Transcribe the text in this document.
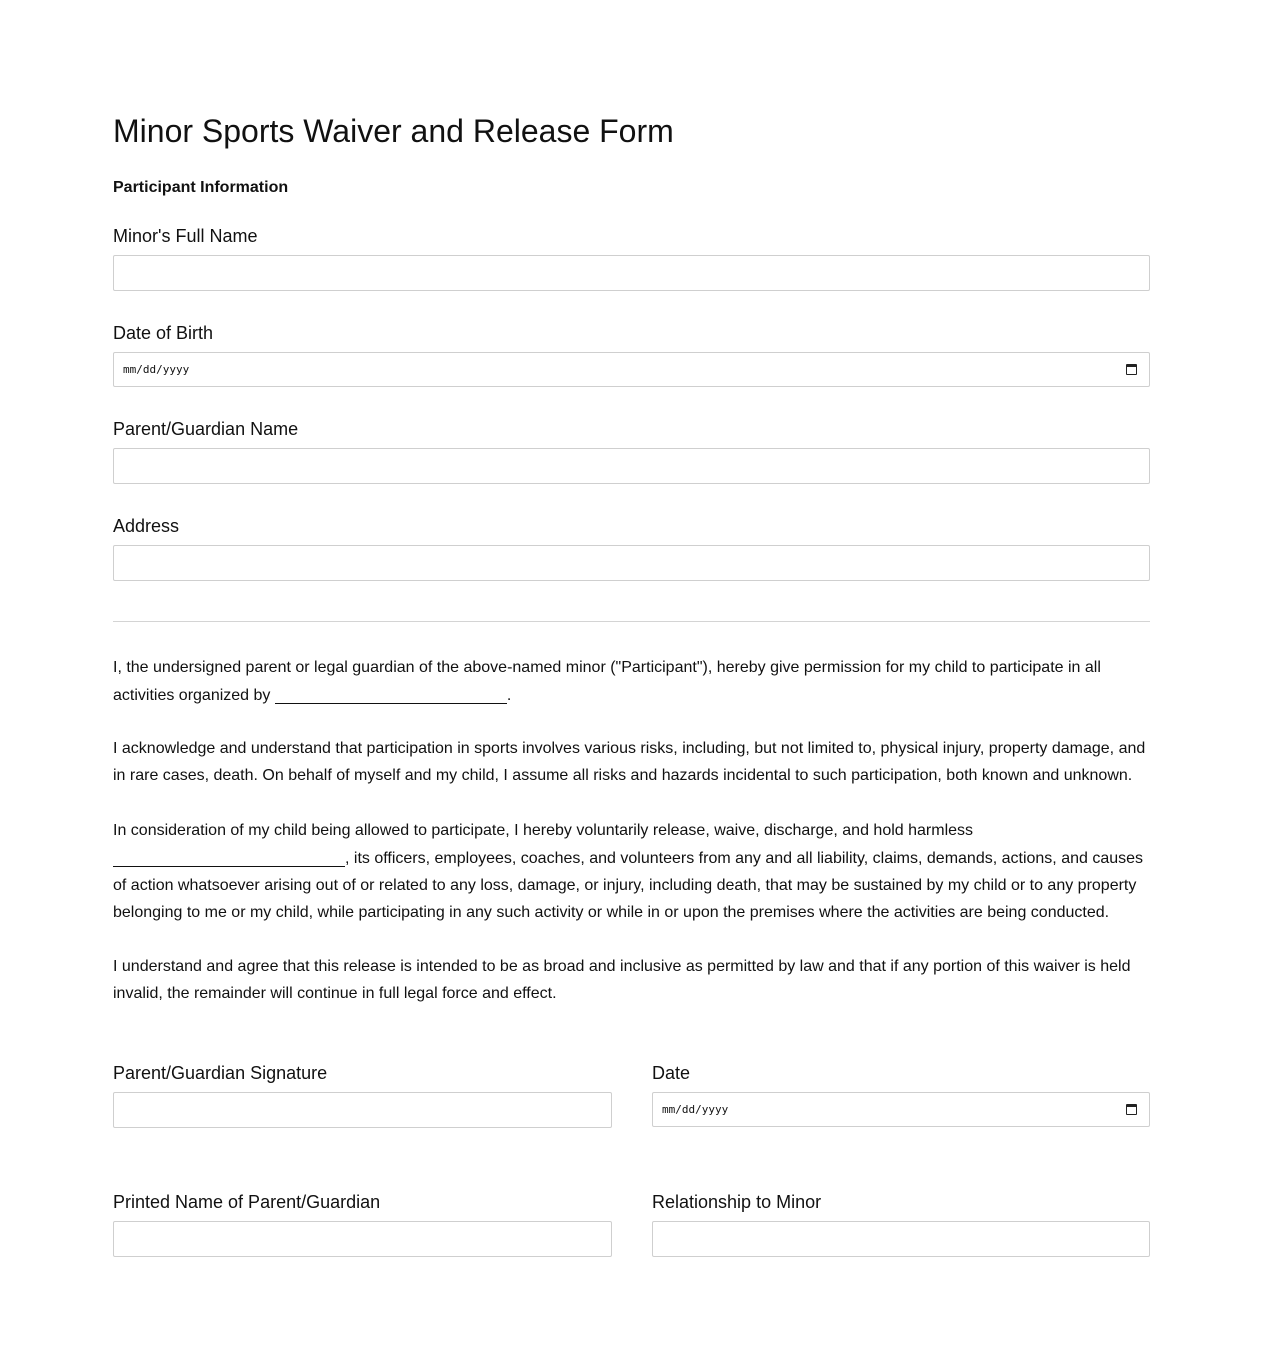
Minor Sports Waiver and Release Form
Participant Information
Minor's Full Name
Date of Birth
mm/dd/yyyy
Parent/Guardian Name
Address

I, the undersigned parent or legal guardian of the above-named minor ("Participant"), hereby give permission for my child to participate in all activities organized by	.

I acknowledge and understand that participation in sports involves various risks, including, but not limited to, physical injury, property damage, and in rare cases, death. On behalf of myself and my child, I assume all risks and hazards incidental to such participation, both known and unknown.

In consideration of my child being allowed to participate, I hereby voluntarily release, waive, discharge, and hold harmless , its officers, employees, coaches, and volunteers from any and all liability, claims, demands, actions, and causes of action whatsoever arising out of or related to any loss, damage, or injury, including death, that may be sustained by my child or to any property belonging to me or my child, while participating in any such activity or while in or upon the premises where the activities are being conducted.

I understand and agree that this release is intended to be as broad and inclusive as permitted by law and that if any portion of this waiver is held invalid, the remainder will continue in full legal force and effect.

Parent/Guardian Signature	Date
mm/dd/yyyy
Printed Name of Parent/Guardian	Relationship to Minor
